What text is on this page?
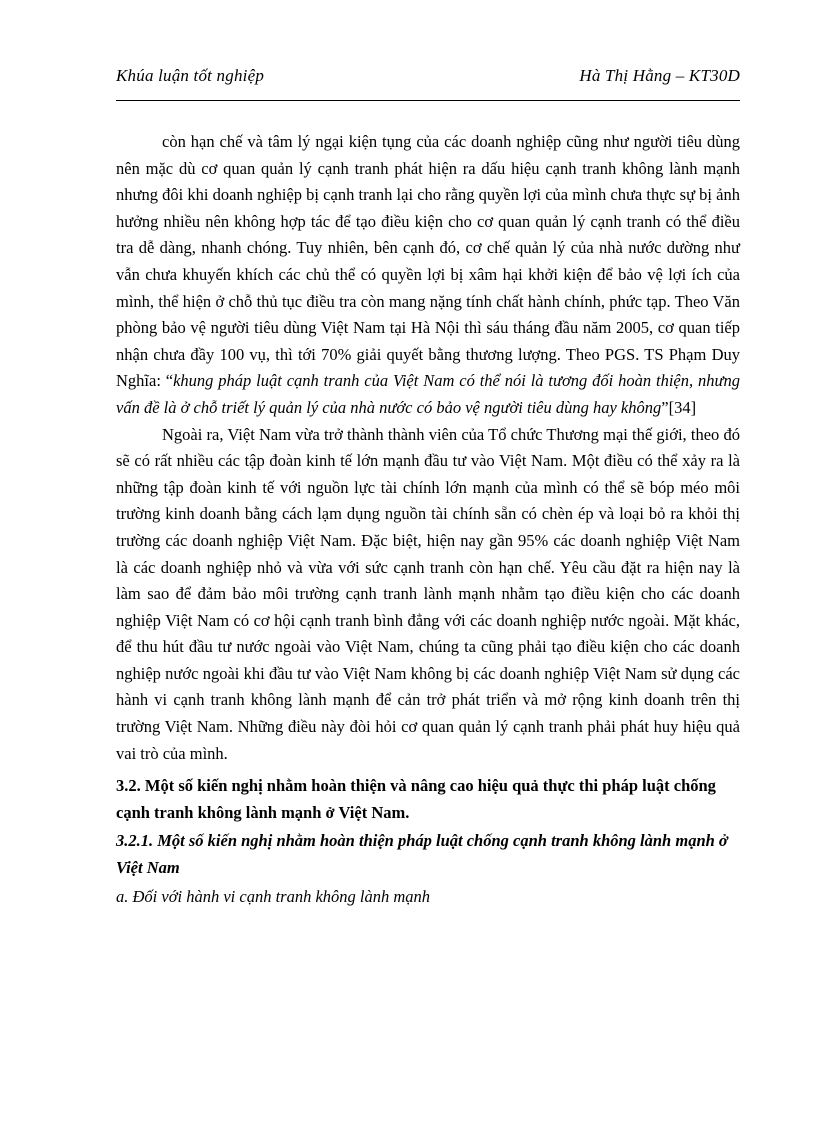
Khúa luận tốt nghiệp	Hà Thị Hằng – KT30D

còn hạn chế và tâm lý ngại kiện tụng của các doanh nghiệp cũng như người tiêu dùng nên mặc dù cơ quan quản lý cạnh tranh phát hiện ra dấu hiệu cạnh tranh không lành mạnh nhưng đôi khi doanh nghiệp bị cạnh tranh lại cho rằng quyền lợi của mình chưa thực sự bị ảnh hưởng nhiều nên không hợp tác để tạo điều kiện cho cơ quan quản lý cạnh tranh có thể điều tra dễ dàng, nhanh chóng. Tuy nhiên, bên cạnh đó, cơ chế quản lý của nhà nước dường như vẫn chưa khuyến khích các chủ thể có quyền lợi bị xâm hại khởi kiện để bảo vệ lợi ích của mình, thể hiện ở chỗ thủ tục điều tra còn mang nặng tính chất hành chính, phức tạp. Theo Văn phòng bảo vệ người tiêu dùng Việt Nam tại Hà Nội thì sáu tháng đầu năm 2005, cơ quan tiếp nhận chưa đầy 100 vụ, thì tới 70% giải quyết bằng thương lượng. Theo PGS. TS Phạm Duy Nghĩa: “khung pháp luật cạnh tranh của Việt Nam có thể nói là tương đối hoàn thiện, nhưng vấn đề là ở chỗ triết lý quản lý của nhà nước có bảo vệ người tiêu dùng hay không”[34]

Ngoài ra, Việt Nam vừa trở thành thành viên của Tổ chức Thương mại thế giới, theo đó sẽ có rất nhiều các tập đoàn kinh tế lớn mạnh đầu tư vào Việt Nam. Một điều có thể xảy ra là những tập đoàn kinh tế với nguồn lực tài chính lớn mạnh của mình có thể sẽ bóp méo môi trường kinh doanh bằng cách lạm dụng nguồn tài chính sẵn có chèn ép và loại bỏ ra khỏi thị trường các doanh nghiệp Việt Nam. Đặc biệt, hiện nay gần 95% các doanh nghiệp Việt Nam là các doanh nghiệp nhỏ và vừa với sức cạnh tranh còn hạn chế. Yêu cầu đặt ra hiện nay là làm sao để đảm bảo môi trường cạnh tranh lành mạnh nhằm tạo điều kiện cho các doanh nghiệp Việt Nam có cơ hội cạnh tranh bình đẳng với các doanh nghiệp nước ngoài. Mặt khác, để thu hút đầu tư nước ngoài vào Việt Nam, chúng ta cũng phải tạo điều kiện cho các doanh nghiệp nước ngoài khi đầu tư vào Việt Nam không bị các doanh nghiệp Việt Nam sử dụng các hành vi cạnh tranh không lành mạnh để cản trở phát triển và mở rộng kinh doanh trên thị trường Việt Nam. Những điều này đòi hỏi cơ quan quản lý cạnh tranh phải phát huy hiệu quả vai trò của mình.

3.2. Một số kiến nghị nhằm hoàn thiện và nâng cao hiệu quả thực thi pháp luật chống cạnh tranh không lành mạnh ở Việt Nam.

3.2.1. Một số kiến nghị nhằm hoàn thiện pháp luật chống cạnh tranh không lành mạnh ở Việt Nam

a. Đối với hành vi cạnh tranh không lành mạnh
